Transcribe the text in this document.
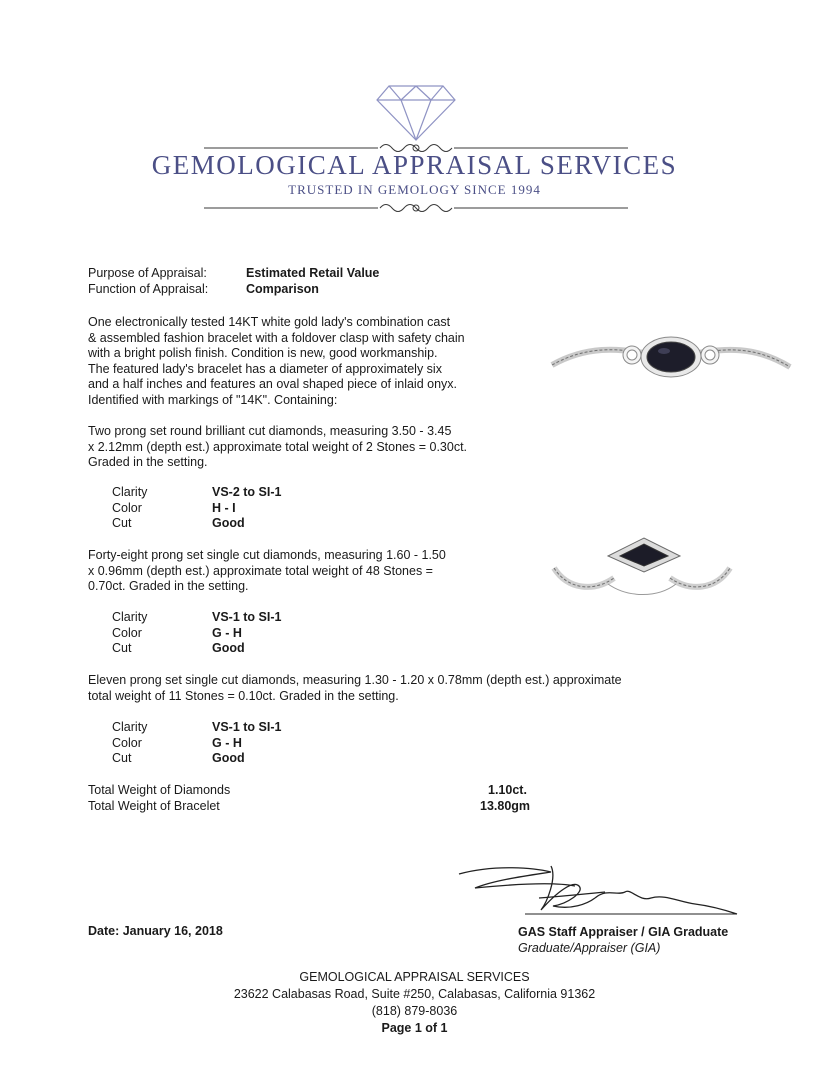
GEMOLOGICAL APPRAISAL SERVICES
TRUSTED IN GEMOLOGY SINCE 1994
Purpose of Appraisal:	Estimated Retail Value
Function of Appraisal:	Comparison
One electronically tested 14KT white gold lady's combination cast
& assembled fashion bracelet with a foldover clasp with safety chain
with a bright polish finish. Condition is new, good workmanship.
The featured lady's bracelet has a diameter of approximately six
and a half inches and features an oval shaped piece of inlaid onyx.
Identified with markings of "14K". Containing:
Two prong set round brilliant cut diamonds, measuring 3.50 - 3.45
x 2.12mm (depth est.) approximate total weight of 2 Stones = 0.30ct.
Graded in the setting.
Clarity	VS-2 to SI-1
Color	H - I
Cut	Good
Forty-eight prong set single cut diamonds, measuring 1.60 - 1.50
x 0.96mm (depth est.) approximate total weight of 48 Stones =
0.70ct. Graded in the setting.
Clarity	VS-1 to SI-1
Color	G - H
Cut	Good
Eleven prong set single cut diamonds, measuring 1.30 - 1.20 x 0.78mm (depth est.) approximate
total weight of 11 Stones = 0.10ct. Graded in the setting.
Clarity	VS-1 to SI-1
Color	G - H
Cut	Good
Total Weight of Diamonds	1.10ct.
Total Weight of Bracelet	13.80gm
Date: January 16, 2018	GAS Staff Appraiser / GIA Graduate
Graduate/Appraiser (GIA)
GEMOLOGICAL APPRAISAL SERVICES
23622 Calabasas Road, Suite #250, Calabasas, California 91362
(818) 879-8036
Page 1 of 1
